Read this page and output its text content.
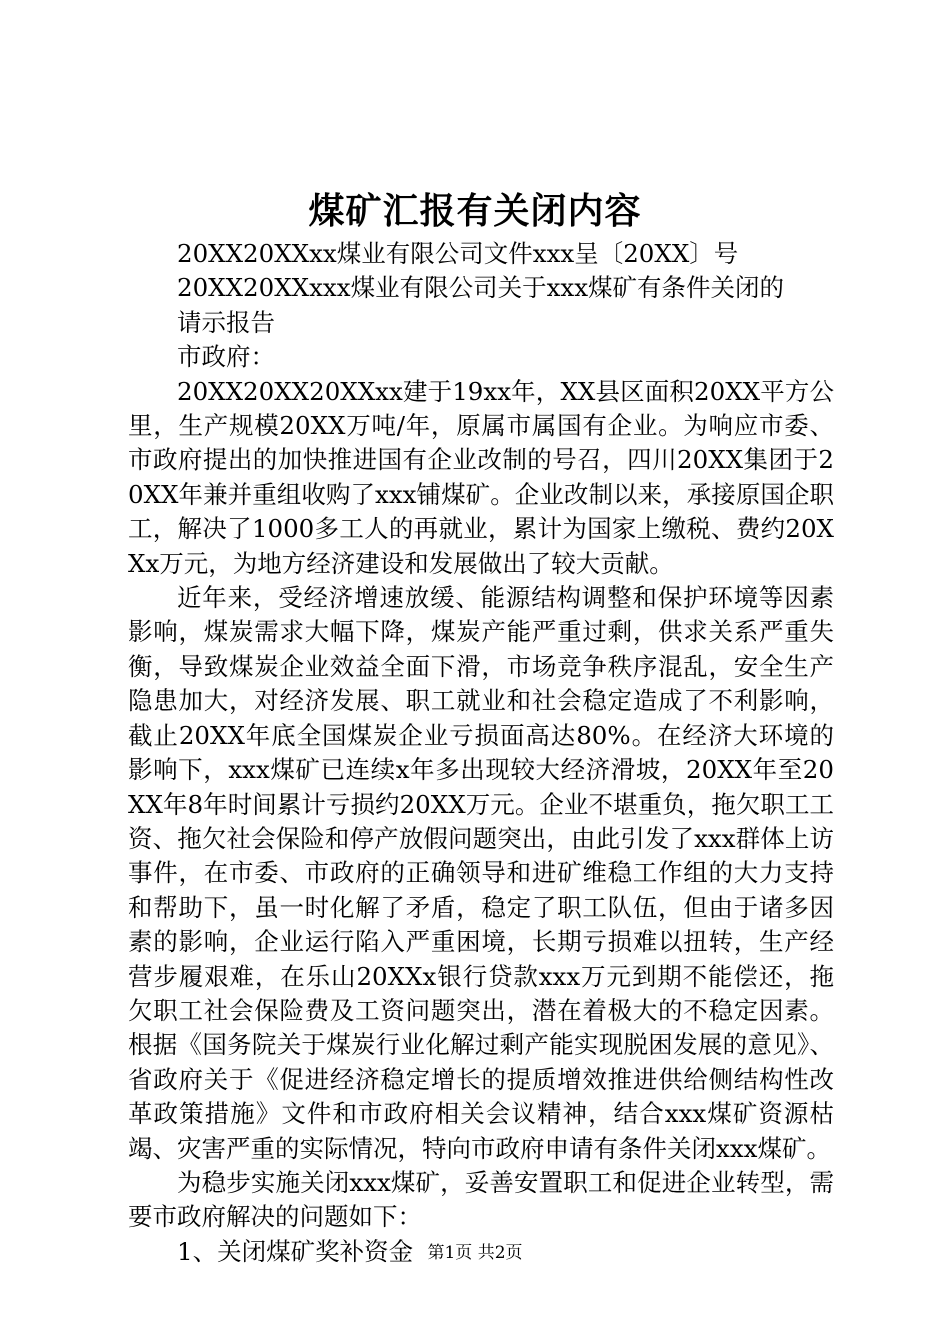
煤矿汇报有关闭内容

20XX20XXxx煤业有限公司文件xxx呈〔20XX〕号

20XX20XXxxx煤业有限公司关于xxx煤矿有条件关闭的

请示报告

市政府：

20XX20XX20XXxx建于19xx年，XX县区面积20XX平方公里，生产规模20XX万吨/年，原属市属国有企业。为响应市委、市政府提出的加快推进国有企业改制的号召，四川20XX集团于20XX年兼并重组收购了xxx铺煤矿。企业改制以来，承接原国企职工，解决了1000多工人的再就业，累计为国家上缴税、费约20XXx万元，为地方经济建设和发展做出了较大贡献。

近年来，受经济增速放缓、能源结构调整和保护环境等因素影响，煤炭需求大幅下降，煤炭产能严重过剩，供求关系严重失衡，导致煤炭企业效益全面下滑，市场竞争秩序混乱，安全生产隐患加大，对经济发展、职工就业和社会稳定造成了不利影响，截止20XX年底全国煤炭企业亏损面高达80%。在经济大环境的影响下，xxx煤矿已连续x年多出现较大经济滑坡，20XX年至20XX年8年时间累计亏损约20XX万元。企业不堪重负，拖欠职工工资、拖欠社会保险和停产放假问题突出，由此引发了xxx群体上访事件，在市委、市政府的正确领导和进矿维稳工作组的大力支持和帮助下，虽一时化解了矛盾，稳定了职工队伍，但由于诸多因素的影响，企业运行陷入严重困境，长期亏损难以扭转，生产经营步履艰难，在乐山20XXx银行贷款xxx万元到期不能偿还，拖欠职工社会保险费及工资问题突出，潜在着极大的不稳定因素。根据《国务院关于煤炭行业化解过剩产能实现脱困发展的意见》、省政府关于《促进经济稳定增长的提质增效推进供给侧结构性改革政策措施》文件和市政府相关会议精神，结合xxx煤矿资源枯竭、灾害严重的实际情况，特向市政府申请有条件关闭xxx煤矿。

为稳步实施关闭xxx煤矿，妥善安置职工和促进企业转型，需要市政府解决的问题如下：

1、关闭煤矿奖补资金 第1页 共2页
